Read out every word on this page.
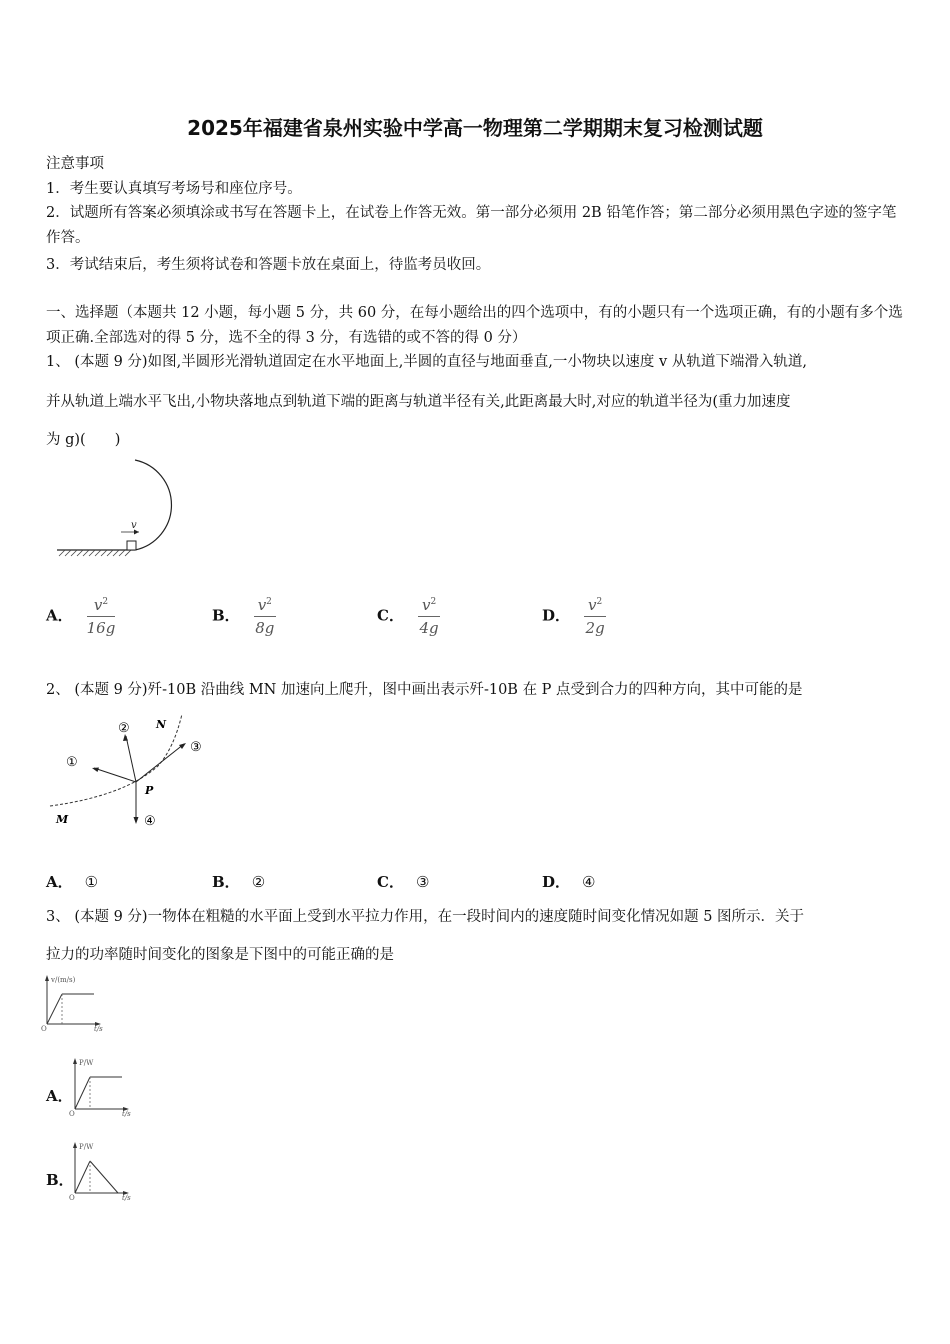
2025年福建省泉州实验中学高一物理第二学期期末复习检测试题
注意事项
1．考生要认真填写考场号和座位序号。
2．试题所有答案必须填涂或书写在答题卡上，在试卷上作答无效。第一部分必须用 2B 铅笔作答；第二部分必须用黑色字迹的签字笔作答。
3．考试结束后，考生须将试卷和答题卡放在桌面上，待监考员收回。
一、选择题（本题共 12 小题，每小题 5 分，共 60 分，在每小题给出的四个选项中，有的小题只有一个选项正确，有的小题有多个选项正确.全部选对的得 5 分，选不全的得 3 分，有选错的或不答的得 0 分）
1、 (本题 9 分)如图,半圆形光滑轨道固定在水平地面上,半圆的直径与地面垂直,一小物块以速度 v 从轨道下端滑入轨道,
并从轨道上端水平飞出,小物块落地点到轨道下端的距离与轨道半径有关,此距离最大时,对应的轨道半径为(重力加速度
为 g)(　　)
v
A． $\frac{v^2}{16g}$	B． $\frac{v^2}{8g}$	C． $\frac{v^2}{4g}$	D． $\frac{v^2}{2g}$
2、 (本题 9 分)歼-10B 沿曲线 MN 加速向上爬升，图中画出表示歼-10B 在 P 点受到合力的四种方向，其中可能的是
N
M
P
①
②
③
④
A． ①	B． ②	C． ③	D． ④
3、 (本题 9 分)一物体在粗糙的水平面上受到水平拉力作用，在一段时间内的速度随时间变化情况如题 5 图所示．关于
拉力的功率随时间变化的图象是下图中的可能正确的是
v/(m/s)
t/s
O
A．
P/W
t/s
O
B．
P/W
t/s
O
